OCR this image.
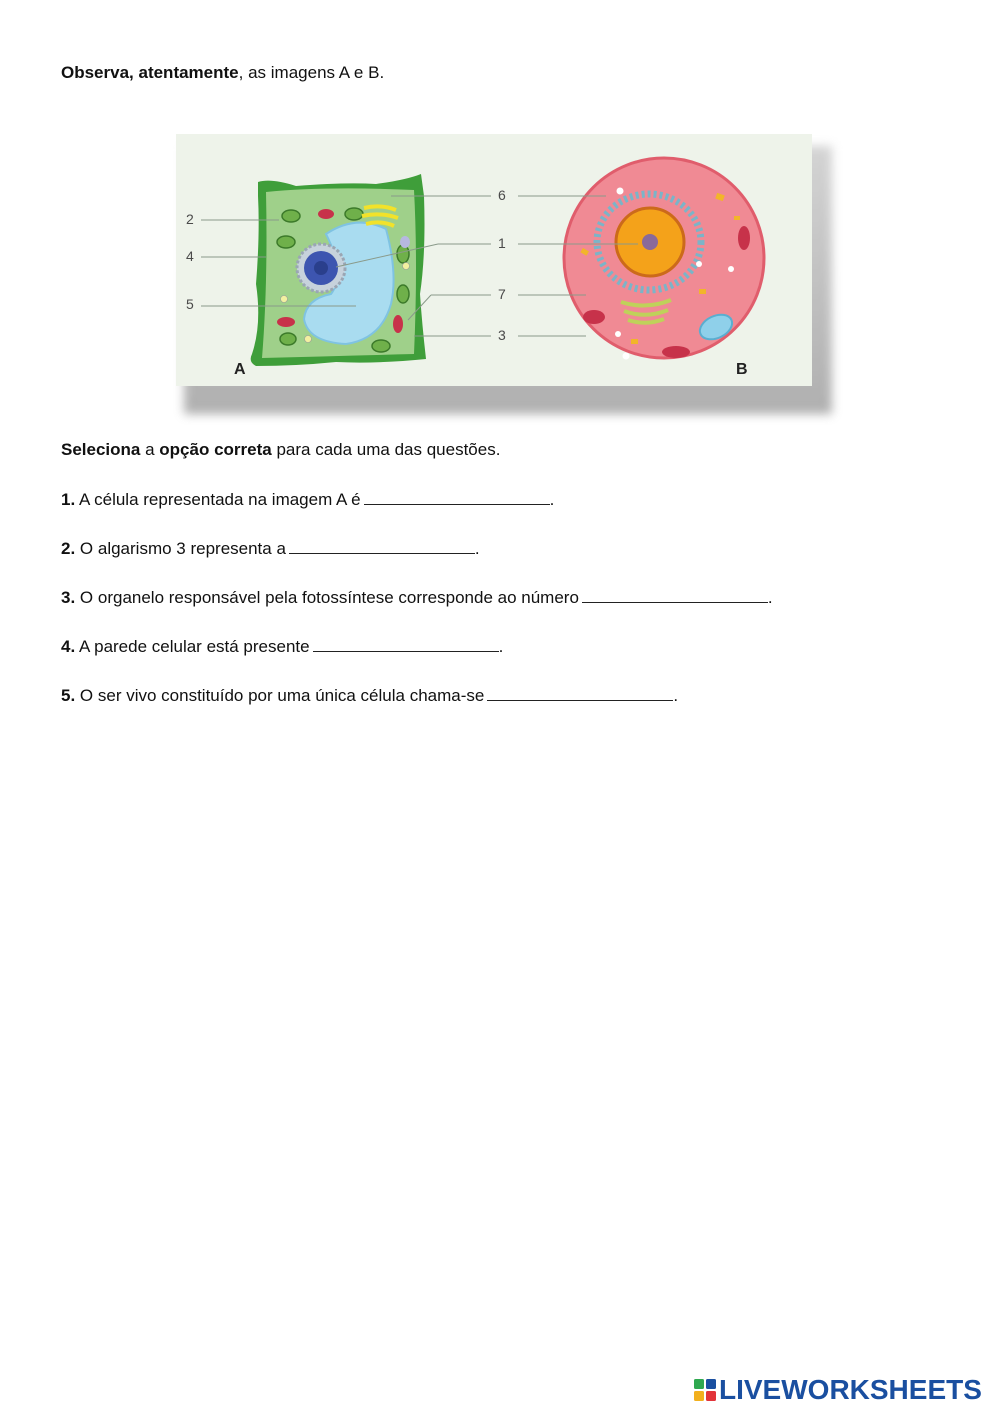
Observa, atentamente, as imagens A e B.
2
4
5
6
1
7
3
A	B
Seleciona a opção correta para cada uma das questões.
1. A célula representada na imagem A é	.
2. O algarismo 3 representa a	.
3. O organelo responsável pela fotossíntese corresponde ao número	.
4. A parede celular está presente	.
5. O ser vivo constituído por uma única célula chama-se	.
LIVEWORKSHEETS
